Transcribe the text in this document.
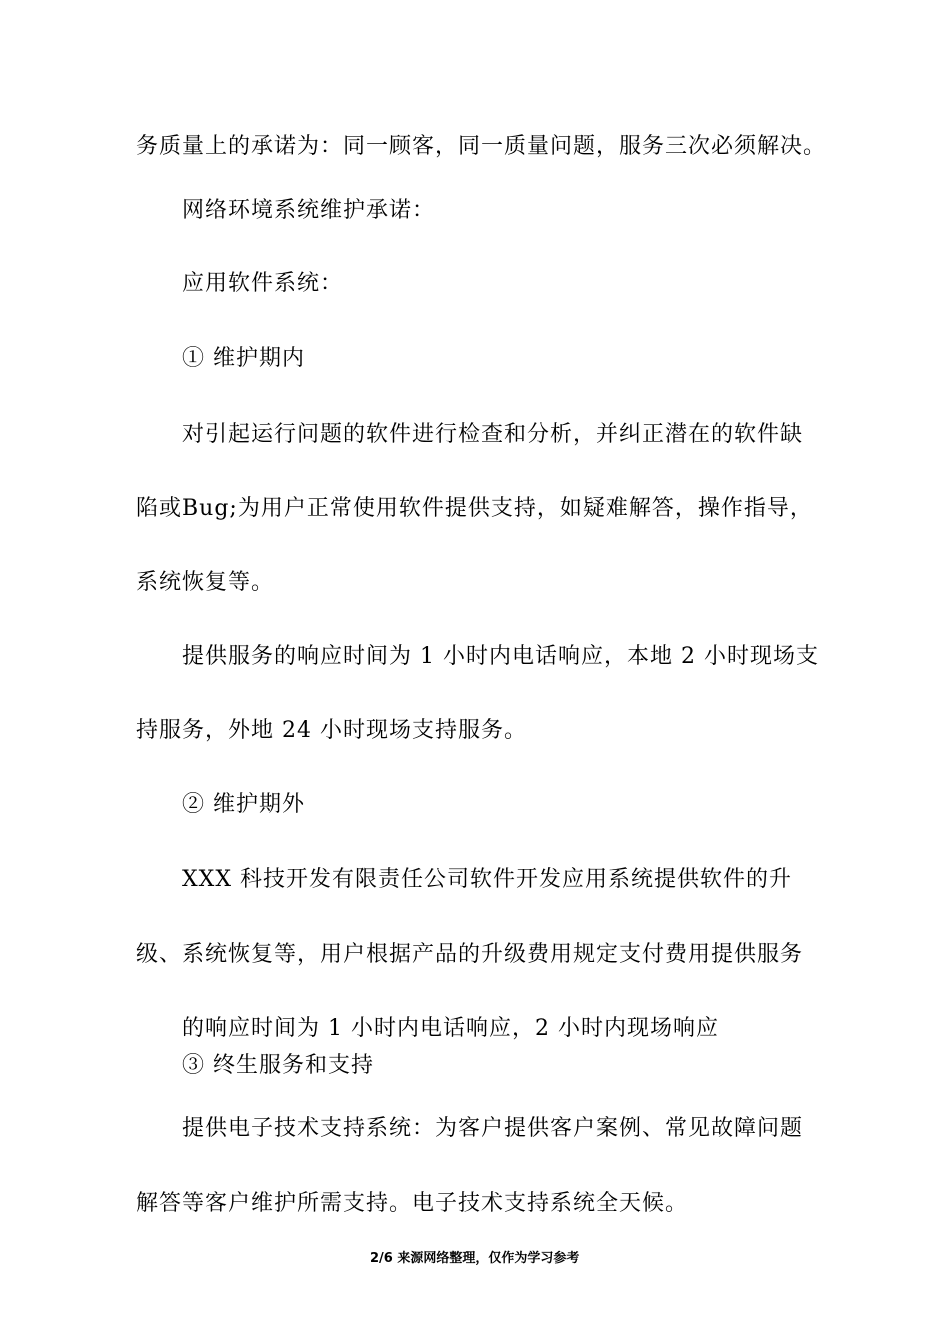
务质量上的承诺为：同一顾客，同一质量问题，服务三次必须解决。
网络环境系统维护承诺：
应用软件系统：
① 维护期内
对引起运行问题的软件进行检查和分析，并纠正潜在的软件缺
陷或Bug;为用户正常使用软件提供支持，如疑难解答，操作指导，
系统恢复等。
提供服务的响应时间为 1 小时内电话响应，本地 2 小时现场支
持服务，外地 24 小时现场支持服务。
② 维护期外
XXX 科技开发有限责任公司软件开发应用系统提供软件的升
级、系统恢复等，用户根据产品的升级费用规定支付费用提供服务
的响应时间为 1 小时内电话响应，2 小时内现场响应
③ 终生服务和支持
提供电子技术支持系统：为客户提供客户案例、常见故障问题
解答等客户维护所需支持。电子技术支持系统全天候。
2/6 来源网络整理，仅作为学习参考
